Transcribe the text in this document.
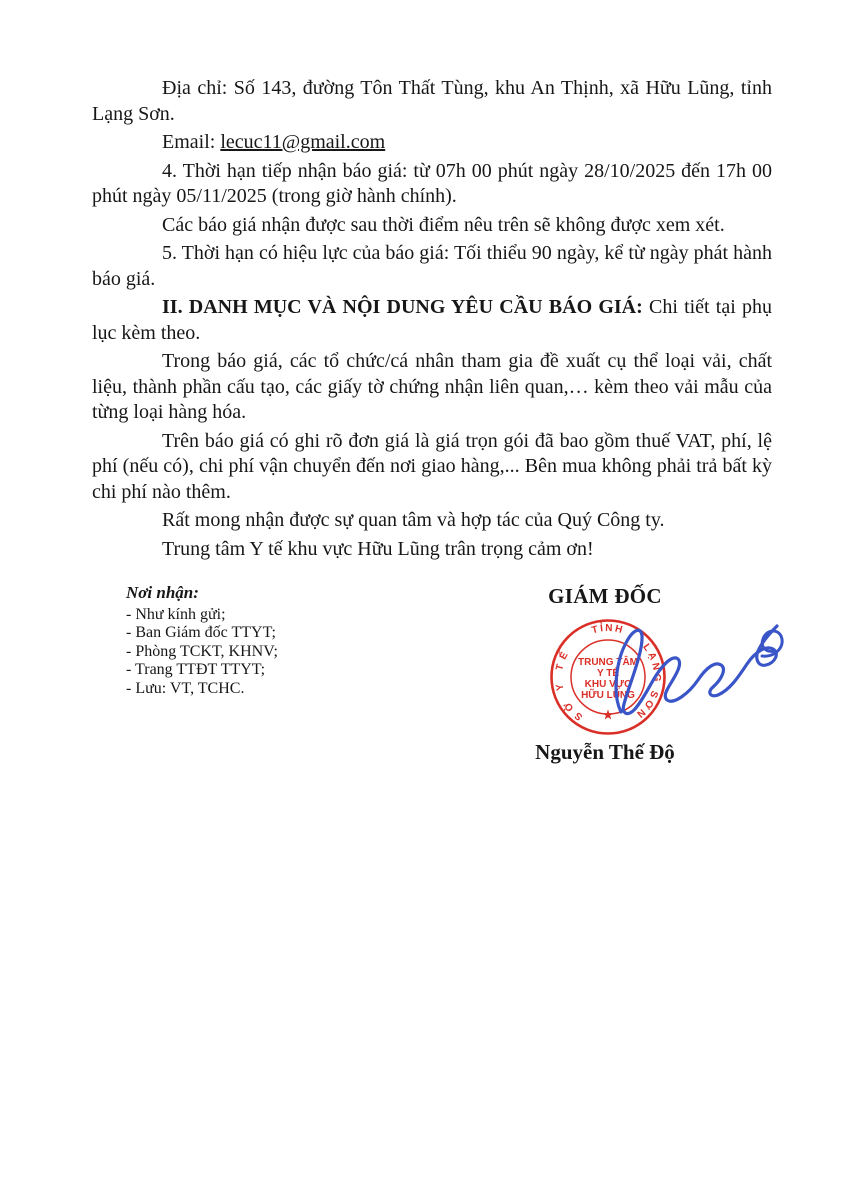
Địa chỉ: Số 143, đường Tôn Thất Tùng, khu An Thịnh, xã Hữu Lũng, tỉnh Lạng Sơn.

Email: lecuc11@gmail.com

4. Thời hạn tiếp nhận báo giá: từ 07h 00 phút ngày 28/10/2025 đến 17h 00 phút ngày 05/11/2025 (trong giờ hành chính).

Các báo giá nhận được sau thời điểm nêu trên sẽ không được xem xét.

5. Thời hạn có hiệu lực của báo giá: Tối thiểu 90 ngày, kể từ ngày phát hành báo giá.

II. DANH MỤC VÀ NỘI DUNG YÊU CẦU BÁO GIÁ: Chi tiết tại phụ lục kèm theo.

Trong báo giá, các tổ chức/cá nhân tham gia đề xuất cụ thể loại vải, chất liệu, thành phần cấu tạo, các giấy tờ chứng nhận liên quan,… kèm theo vải mẫu của từng loại hàng hóa.

Trên báo giá có ghi rõ đơn giá là giá trọn gói đã bao gồm thuế VAT, phí, lệ phí (nếu có), chi phí vận chuyển đến nơi giao hàng,... Bên mua không phải trả bất kỳ chi phí nào thêm.

Rất mong nhận được sự quan tâm và hợp tác của Quý Công ty.

Trung tâm Y tế khu vực Hữu Lũng trân trọng cảm ơn!

Nơi nhận:
- Như kính gửi;
- Ban Giám đốc TTYT;
- Phòng TCKT, KHNV;
- Trang TTĐT TTYT;
- Lưu: VT, TCHC.
GIÁM ĐỐC
SỞ Y TẾ
TỈNH
LẠNG SƠN
TRUNG TÂM
Y TẾ
KHU VỰC
HỮU LŨNG
Nguyễn Thế Độ
